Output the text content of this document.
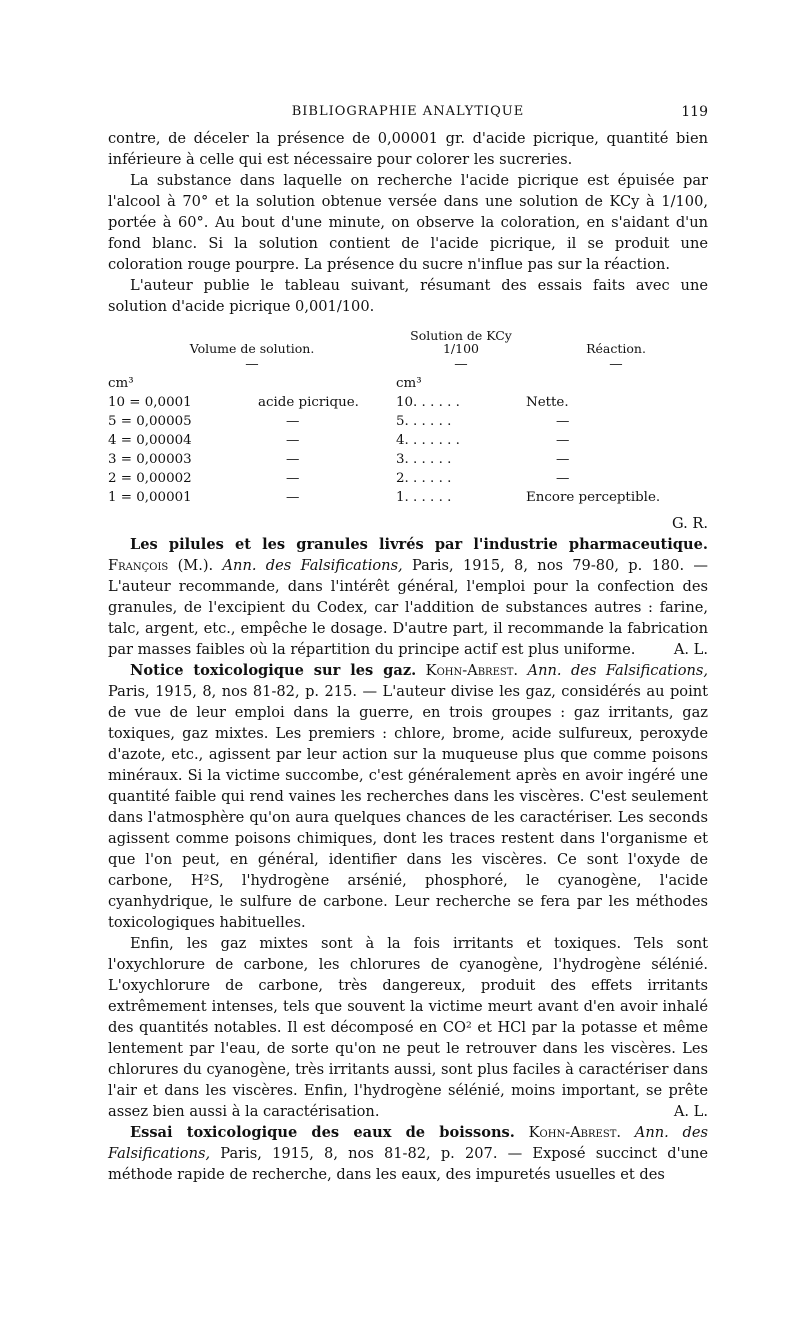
BIBLIOGRAPHIE ANALYTIQUE	119

contre, de déceler la présence de 0,00001 gr. d'acide picrique, quantité bien inférieure à celle qui est nécessaire pour colorer les sucreries.

La substance dans laquelle on recherche l'acide picrique est épuisée par l'alcool à 70° et la solution obtenue versée dans une solution de KCy à 1/100, portée à 60°. Au bout d'une minute, on observe la coloration, en s'aidant d'un fond blanc. Si la solution contient de l'acide picrique, il se produit une coloration rouge pourpre. La présence du sucre n'influe pas sur la réaction.

L'auteur publie le tableau suivant, résumant des essais faits avec une solution d'acide picrique 0,001/100.

Volume de solution.		Solution de KCy 1/100	Réaction.
—		—	—
cm³		cm³	
10 = 0,0001	acide picrique.	10. . . . . .	Nette.
5 = 0,00005	—	5. . . . . .	—
4 = 0,00004	—	4. . . . . . .	—
3 = 0,00003	—	3. . . . . .	—
2 = 0,00002	—	2. . . . . .	—
1 = 0,00001	—	1. . . . . .	Encore perceptible.

G. R.

Les pilules et les granules livrés par l'industrie pharmaceutique. François (M.). Ann. des Falsifications, Paris, 1915, 8, nos 79-80, p. 180. — L'auteur recommande, dans l'intérêt général, l'emploi pour la confection des granules, de l'excipient du Codex, car l'addition de substances autres : farine, talc, argent, etc., empêche le dosage. D'autre part, il recommande la fabrication par masses faibles où la répartition du principe actif est plus uniforme.	A. L.

Notice toxicologique sur les gaz. Kohn-Abrest. Ann. des Falsifications, Paris, 1915, 8, nos 81-82, p. 215. — L'auteur divise les gaz, considérés au point de vue de leur emploi dans la guerre, en trois groupes : gaz irritants, gaz toxiques, gaz mixtes. Les premiers : chlore, brome, acide sulfureux, peroxyde d'azote, etc., agissent par leur action sur la muqueuse plus que comme poisons minéraux. Si la victime succombe, c'est généralement après en avoir ingéré une quantité faible qui rend vaines les recherches dans les viscères. C'est seulement dans l'atmosphère qu'on aura quelques chances de les caractériser. Les seconds agissent comme poisons chimiques, dont les traces restent dans l'organisme et que l'on peut, en général, identifier dans les viscères. Ce sont l'oxyde de carbone, H²S, l'hydrogène arsénié, phosphoré, le cyanogène, l'acide cyanhydrique, le sulfure de carbone. Leur recherche se fera par les méthodes toxicologiques habituelles.

Enfin, les gaz mixtes sont à la fois irritants et toxiques. Tels sont l'oxychlorure de carbone, les chlorures de cyanogène, l'hydrogène sélénié. L'oxychlorure de carbone, très dangereux, produit des effets irritants extrêmement intenses, tels que souvent la victime meurt avant d'en avoir inhalé des quantités notables. Il est décomposé en CO² et HCl par la potasse et même lentement par l'eau, de sorte qu'on ne peut le retrouver dans les viscères. Les chlorures du cyanogène, très irritants aussi, sont plus faciles à caractériser dans l'air et dans les viscères. Enfin, l'hydrogène sélénié, moins important, se prête assez bien aussi à la caractérisation.	A. L.

Essai toxicologique des eaux de boissons. Kohn-Abrest. Ann. des Falsifications, Paris, 1915, 8, nos 81-82, p. 207. — Exposé succinct d'une méthode rapide de recherche, dans les eaux, des impuretés usuelles et des
